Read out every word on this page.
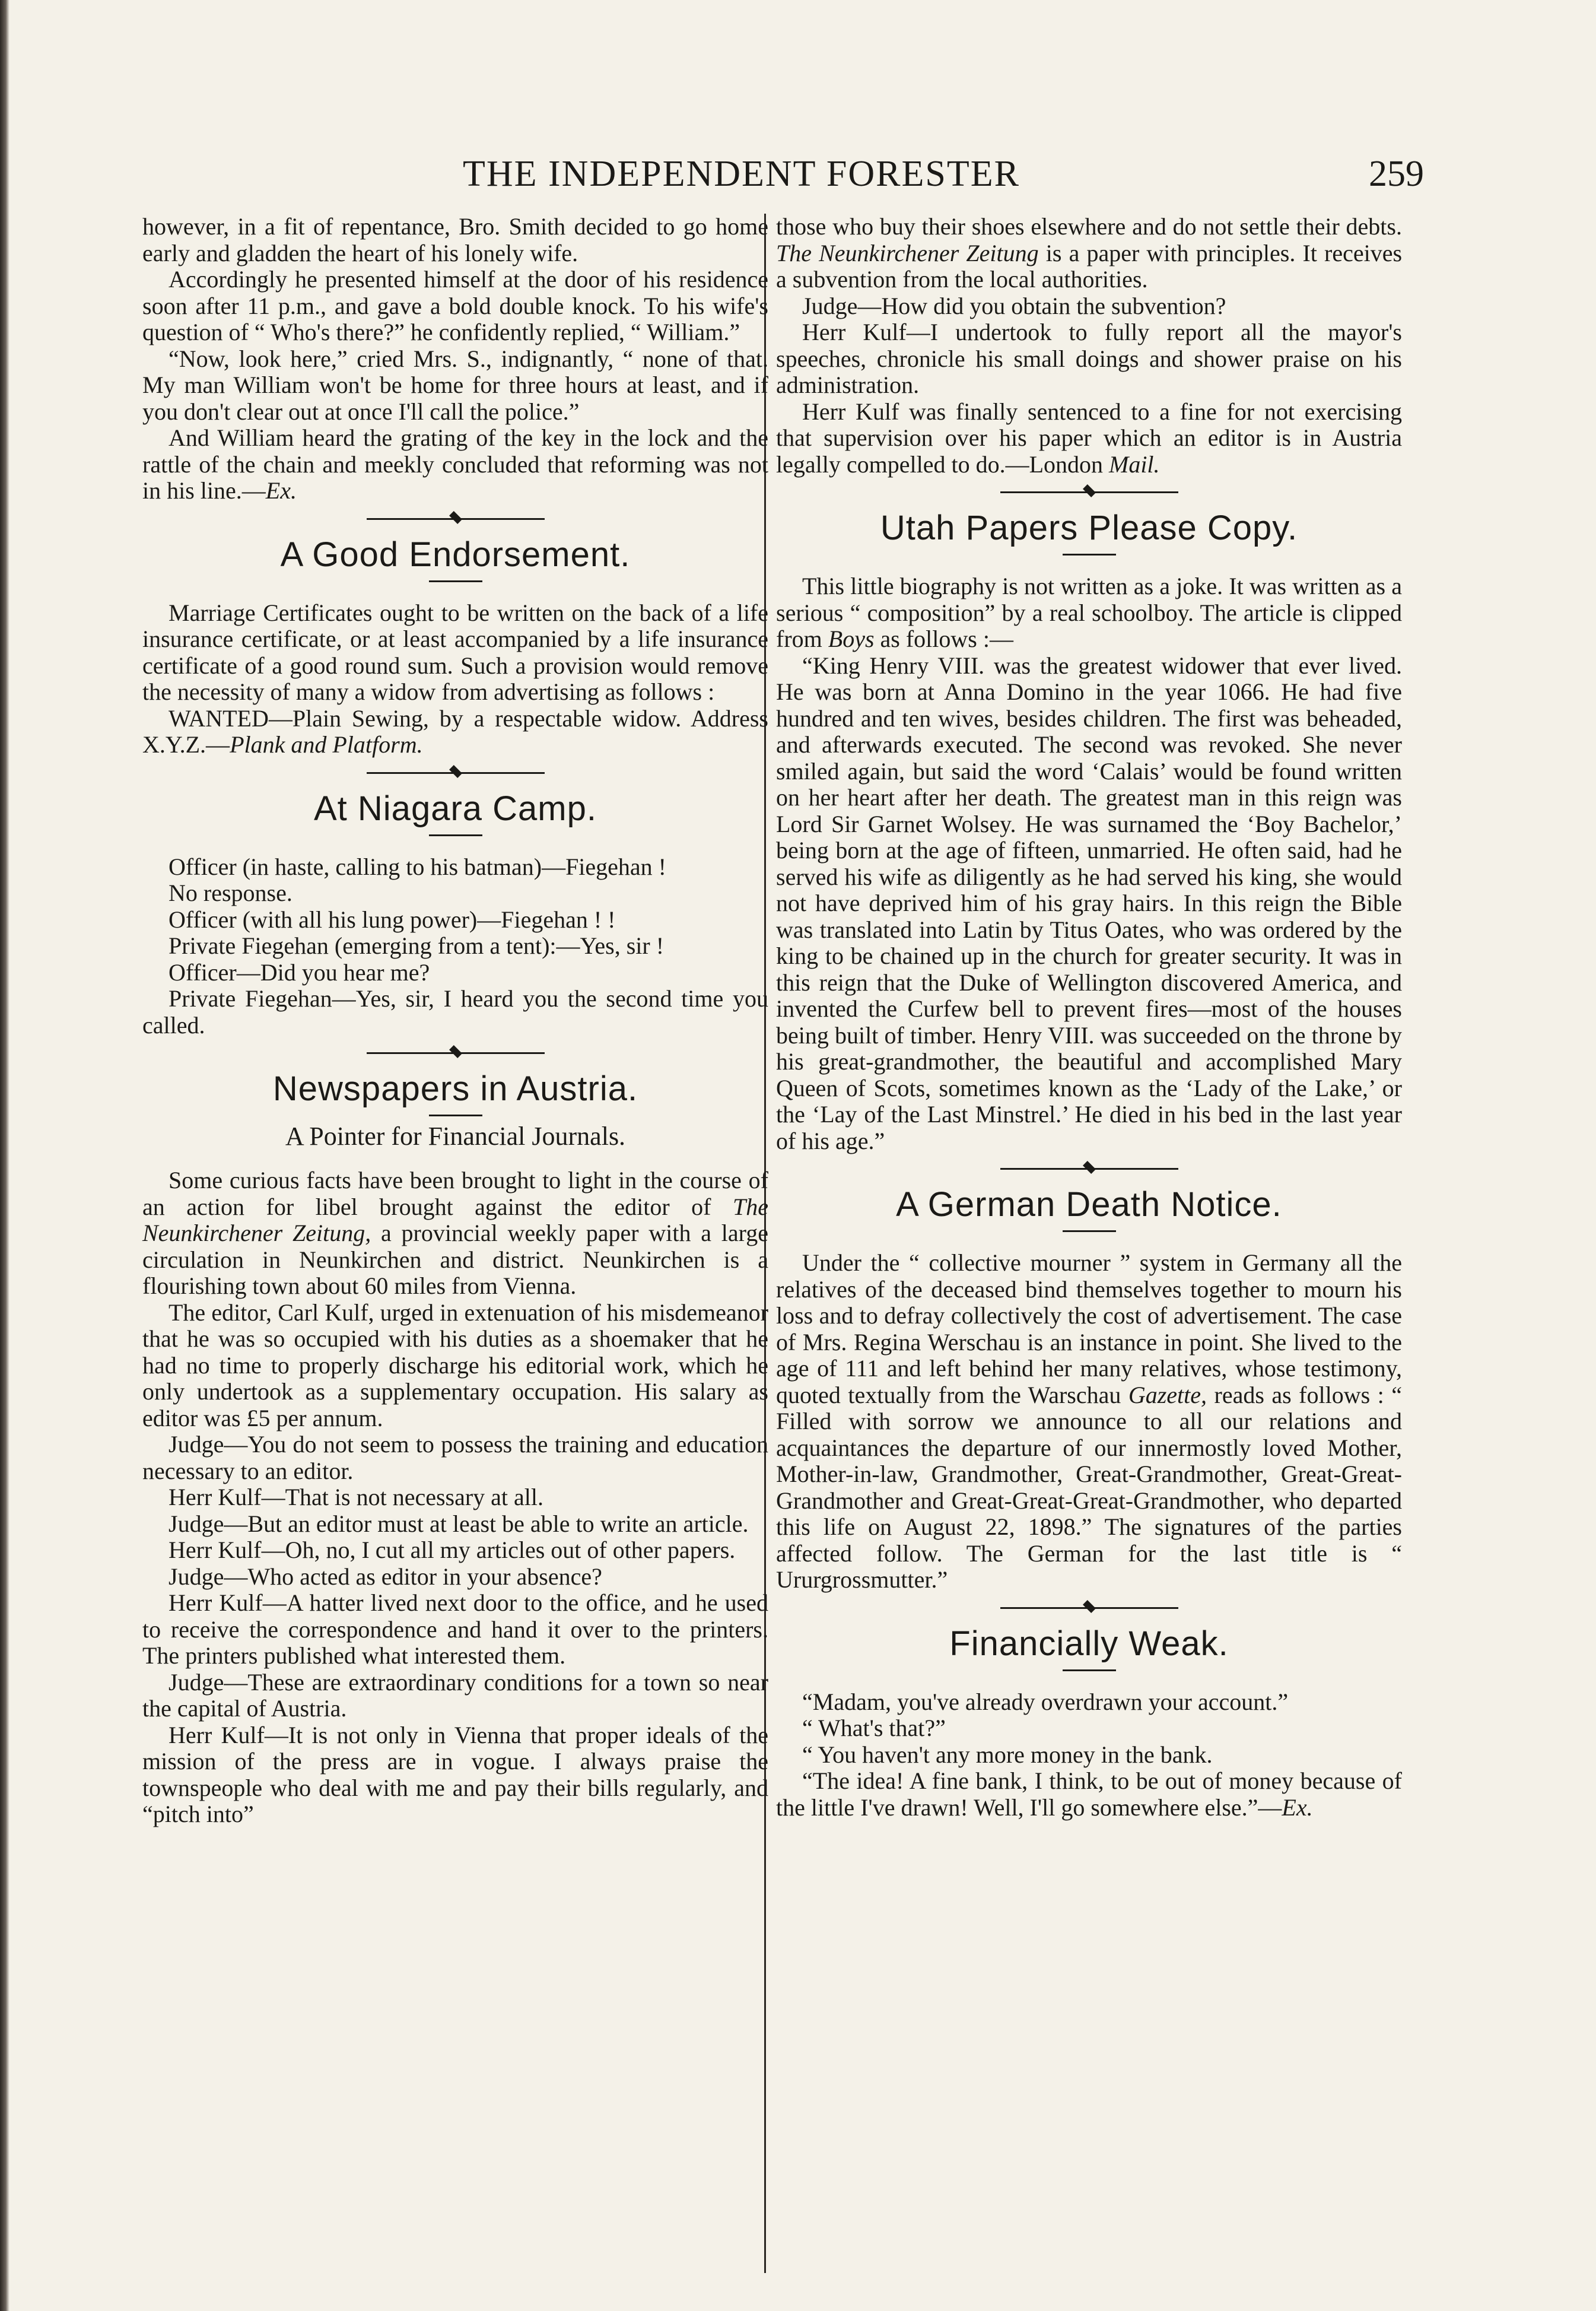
THE INDEPENDENT FORESTER	259

however, in a fit of repentance, Bro. Smith decided to go home early and gladden the heart of his lonely wife.

Accordingly he presented himself at the door of his residence soon after 11 p.m., and gave a bold double knock. To his wife's question of “ Who's there?” he confidently replied, “ William.”

“Now, look here,” cried Mrs. S., indignantly, “ none of that. My man William won't be home for three hours at least, and if you don't clear out at once I'll call the police.”

And William heard the grating of the key in the lock and the rattle of the chain and meekly concluded that reforming was not in his line.—Ex.

A Good Endorsement.

Marriage Certificates ought to be written on the back of a life insurance certificate, or at least accompanied by a life insurance certificate of a good round sum. Such a provision would remove the necessity of many a widow from advertising as follows :

WANTED—Plain Sewing, by a respectable widow. Address X.Y.Z.—Plank and Platform.

At Niagara Camp.

Officer (in haste, calling to his batman)—Fiegehan !

No response.

Officer (with all his lung power)—Fiegehan ! !

Private Fiegehan (emerging from a tent):—Yes, sir !

Officer—Did you hear me?

Private Fiegehan—Yes, sir, I heard you the second time you called.

Newspapers in Austria.
A Pointer for Financial Journals.

Some curious facts have been brought to light in the course of an action for libel brought against the editor of The Neunkirchener Zeitung, a provincial weekly paper with a large circulation in Neunkirchen and district. Neunkirchen is a flourishing town about 60 miles from Vienna.

The editor, Carl Kulf, urged in extenuation of his misdemeanor that he was so occupied with his duties as a shoemaker that he had no time to properly discharge his editorial work, which he only undertook as a supplementary occupation. His salary as editor was £5 per annum.

Judge—You do not seem to possess the training and education necessary to an editor.

Herr Kulf—That is not necessary at all.

Judge—But an editor must at least be able to write an article.

Herr Kulf—Oh, no, I cut all my articles out of other papers.

Judge—Who acted as editor in your absence?

Herr Kulf—A hatter lived next door to the office, and he used to receive the correspondence and hand it over to the printers. The printers published what interested them.

Judge—These are extraordinary conditions for a town so near the capital of Austria.

Herr Kulf—It is not only in Vienna that proper ideals of the mission of the press are in vogue. I always praise the townspeople who deal with me and pay their bills regularly, and “pitch into”

those who buy their shoes elsewhere and do not settle their debts. The Neunkirchener Zeitung is a paper with principles. It receives a subvention from the local authorities.

Judge—How did you obtain the subvention?

Herr Kulf—I undertook to fully report all the mayor's speeches, chronicle his small doings and shower praise on his administration.

Herr Kulf was finally sentenced to a fine for not exercising that supervision over his paper which an editor is in Austria legally compelled to do.—London Mail.

Utah Papers Please Copy.

This little biography is not written as a joke. It was written as a serious “ composition” by a real schoolboy. The article is clipped from Boys as follows :—

“King Henry VIII. was the greatest widower that ever lived. He was born at Anna Domino in the year 1066. He had five hundred and ten wives, besides children. The first was beheaded, and afterwards executed. The second was revoked. She never smiled again, but said the word ‘Calais’ would be found written on her heart after her death. The greatest man in this reign was Lord Sir Garnet Wolsey. He was surnamed the ‘Boy Bachelor,’ being born at the age of fifteen, unmarried. He often said, had he served his wife as diligently as he had served his king, she would not have deprived him of his gray hairs. In this reign the Bible was translated into Latin by Titus Oates, who was ordered by the king to be chained up in the church for greater security. It was in this reign that the Duke of Wellington discovered America, and invented the Curfew bell to prevent fires—most of the houses being built of timber. Henry VIII. was succeeded on the throne by his great-grandmother, the beautiful and accomplished Mary Queen of Scots, sometimes known as the ‘Lady of the Lake,’ or the ‘Lay of the Last Minstrel.’ He died in his bed in the last year of his age.”

A German Death Notice.

Under the “ collective mourner ” system in Germany all the relatives of the deceased bind themselves together to mourn his loss and to defray collectively the cost of advertisement. The case of Mrs. Regina Werschau is an instance in point. She lived to the age of 111 and left behind her many relatives, whose testimony, quoted textually from the Warschau Gazette, reads as follows : “ Filled with sorrow we announce to all our relations and acquaintances the departure of our innermostly loved Mother, Mother-in-law, Grandmother, Great-Grandmother, Great-Great-Grandmother and Great-Great-Great-Grandmother, who departed this life on August 22, 1898.” The signatures of the parties affected follow. The German for the last title is “ Ururgrossmutter.”

Financially Weak.

“Madam, you've already overdrawn your account.”

“ What's that?”

“ You haven't any more money in the bank.

“The idea! A fine bank, I think, to be out of money because of the little I've drawn! Well, I'll go somewhere else.”—Ex.
